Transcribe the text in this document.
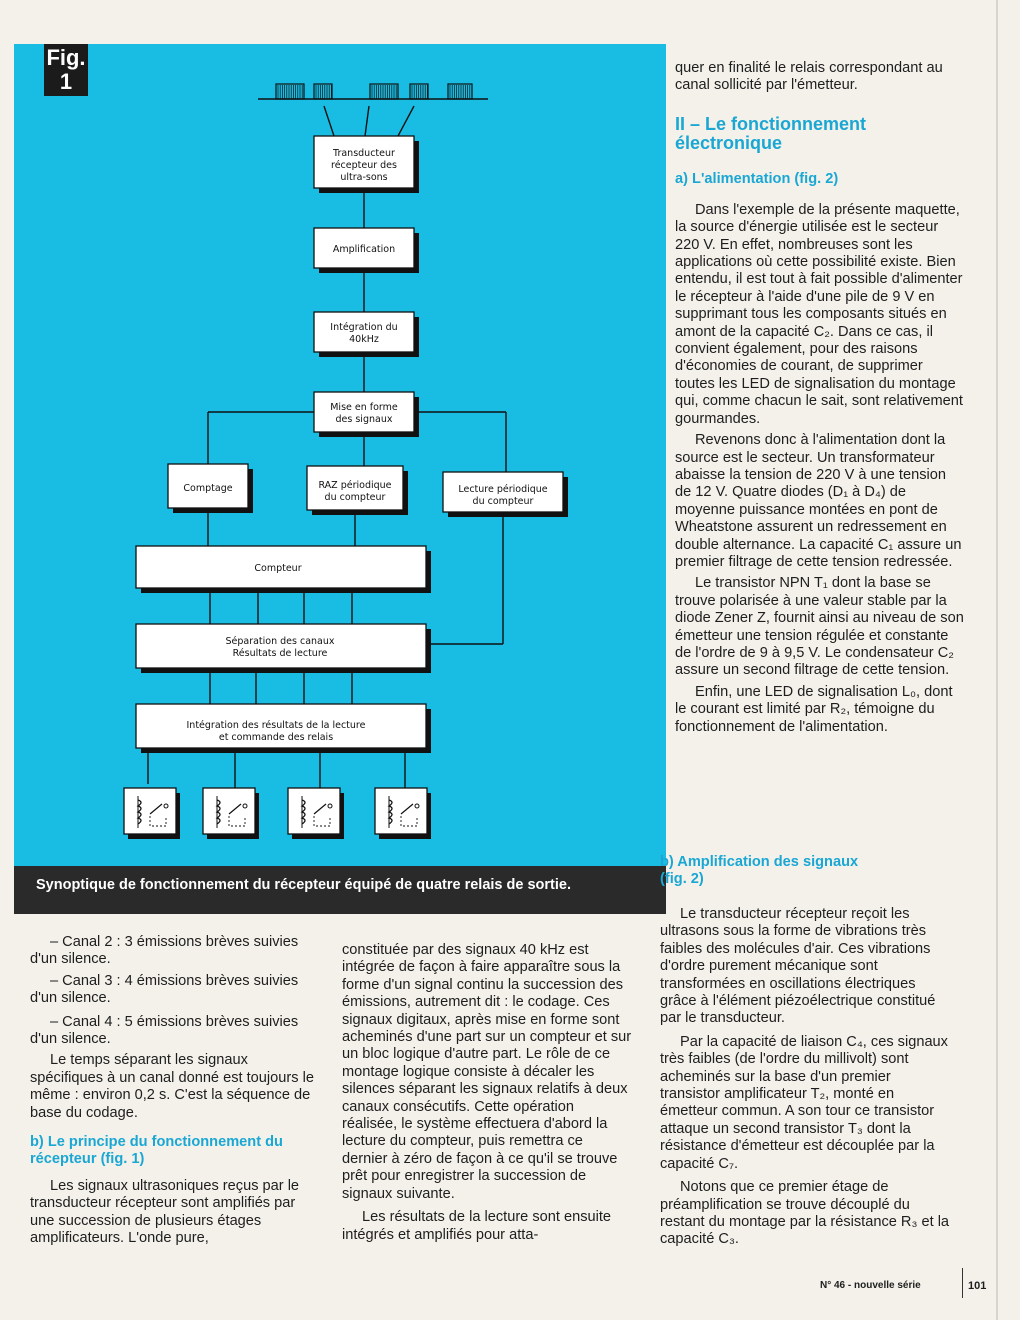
Transducteur récepteur des ultra-sons
Amplification
Intégration du 40kHz
Mise en forme des signaux
Comptage	RAZ périodique du compteur
Lecture périodique du compteur
Compteur
Séparation des canaux Résultats de lecture
Intégration des résultats de la lecture et commande des relais
Fig.
1
Synoptique de fonctionnement du récepteur équipé de quatre relais de sortie.

– Canal 2 : 3 émissions brèves suivies d'un silence.

– Canal 3 : 4 émissions brèves suivies d'un silence.

– Canal 4 : 5 émissions brèves suivies d'un silence.

Le temps séparant les signaux spécifiques à un canal donné est toujours le même : environ 0,2 s. C'est la séquence de base du codage.

b) Le principe du fonctionnement du récepteur (fig. 1)

Les signaux ultrasoniques reçus par le transducteur récepteur sont amplifiés par une succession de plusieurs étages amplificateurs. L'onde pure,

constituée par des signaux 40 kHz est intégrée de façon à faire apparaître sous la forme d'un signal continu la succession des émissions, autrement dit : le codage. Ces signaux digitaux, après mise en forme sont acheminés d'une part sur un compteur et sur un bloc logique d'autre part. Le rôle de ce montage logique consiste à décaler les silences séparant les signaux relatifs à deux canaux consécutifs. Cette opération réalisée, le système effectuera d'abord la lecture du compteur, puis remettra ce dernier à zéro de façon à ce qu'il se trouve prêt pour enregistrer la succession de signaux suivante.

Les résultats de la lecture sont ensuite intégrés et amplifiés pour atta-

quer en finalité le relais correspondant au canal sollicité par l'émetteur.

II – Le fonctionnement
électronique

a) L'alimentation (fig. 2)

Dans l'exemple de la présente maquette, la source d'énergie utilisée est le secteur 220 V. En effet, nombreuses sont les applications où cette possibilité existe. Bien entendu, il est tout à fait possible d'alimenter le récepteur à l'aide d'une pile de 9 V en supprimant tous les composants situés en amont de la capacité C₂. Dans ce cas, il convient également, pour des raisons d'économies de courant, de supprimer toutes les LED de signalisation du montage qui, comme chacun le sait, sont relativement gourmandes.

Revenons donc à l'alimentation dont la source est le secteur. Un transformateur abaisse la tension de 220 V à une tension de 12 V. Quatre diodes (D₁ à D₄) de moyenne puissance montées en pont de Wheatstone assurent un redressement en double alternance. La capacité C₁ assure un premier filtrage de cette tension redressée.

Le transistor NPN T₁ dont la base se trouve polarisée à une valeur stable par la diode Zener Z, fournit ainsi au niveau de son émetteur une tension régulée et constante de l'ordre de 9 à 9,5 V. Le condensateur C₂ assure un second filtrage de cette tension.

Enfin, une LED de signalisation L₀, dont le courant est limité par R₂, témoigne du fonctionnement de l'alimentation.

b) Amplification des signaux
(fig. 2)

Le transducteur récepteur reçoit les ultrasons sous la forme de vibrations très faibles des molécules d'air. Ces vibrations d'ordre purement mécanique sont transformées en oscillations électriques grâce à l'élément piézoélectrique constitué par le transducteur.

Par la capacité de liaison C₄, ces signaux très faibles (de l'ordre du millivolt) sont acheminés sur la base d'un premier transistor amplificateur T₂, monté en émetteur commun. A son tour ce transistor attaque un second transistor T₃ dont la résistance d'émetteur est découplée par la capacité C₇.

Notons que ce premier étage de préamplification se trouve découplé du restant du montage par la résistance R₃ et la capacité C₃.

N° 46 - nouvelle série	101
